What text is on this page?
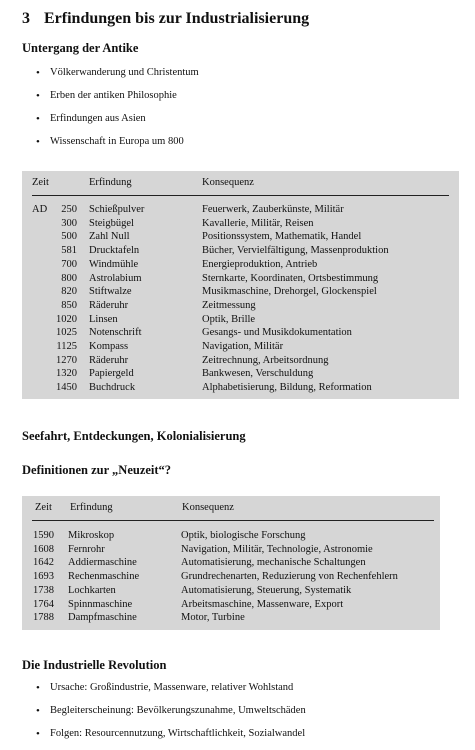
3 Erfindungen bis zur Industrialisierung
Untergang der Antike
• Völkerwanderung und Christentum
• Erben der antiken Philosophie
• Erfindungen aus Asien
• Wissenschaft in Europa um 800
Zeit	Erfindung	Konsequenz
AD 250		Schießpulver	Feuerwerk, Zauberkünste, Militär
300		Steigbügel	Kavallerie, Militär, Reisen
500		Zahl Null	Positionssystem, Mathematik, Handel
581		Drucktafeln	Bücher, Vervielfältigung, Massenproduktion
700		Windmühle	Energieproduktion, Antrieb
800		Astrolabium	Sternkarte, Koordinaten, Ortsbestimmung
820		Stiftwalze	Musikmaschine, Drehorgel, Glockenspiel
850		Räderuhr	Zeitmessung
1020		Linsen	Optik, Brille
1025		Notenschrift	Gesangs- und Musikdokumentation
1125		Kompass	Navigation, Militär
1270		Räderuhr	Zeitrechnung, Arbeitsordnung
1320		Papiergeld	Bankwesen, Verschuldung
1450		Buchdruck	Alphabetisierung, Bildung, Reformation
Seefahrt, Entdeckungen, Kolonialisierung
Definitionen zur „Neuzeit“?
Zeit Erfindung	Konsequenz
1590	Mikroskop	Optik, biologische Forschung
1608	Fernrohr	Navigation, Militär, Technologie, Astronomie
1642	Addiermaschine	Automatisierung, mechanische Schaltungen
1693	Rechenmaschine	Grundrechenarten, Reduzierung von Rechenfehlern
1738	Lochkarten	Automatisierung, Steuerung, Systematik
1764	Spinnmaschine	Arbeitsmaschine, Massenware, Export
1788	Dampfmaschine	Motor, Turbine
Die Industrielle Revolution
• Ursache: Großindustrie, Massenware, relativer Wohlstand
• Begleiterscheinung: Bevölkerungszunahme, Umweltschäden
• Folgen: Resourcennutzung, Wirtschaftlichkeit, Sozialwandel
